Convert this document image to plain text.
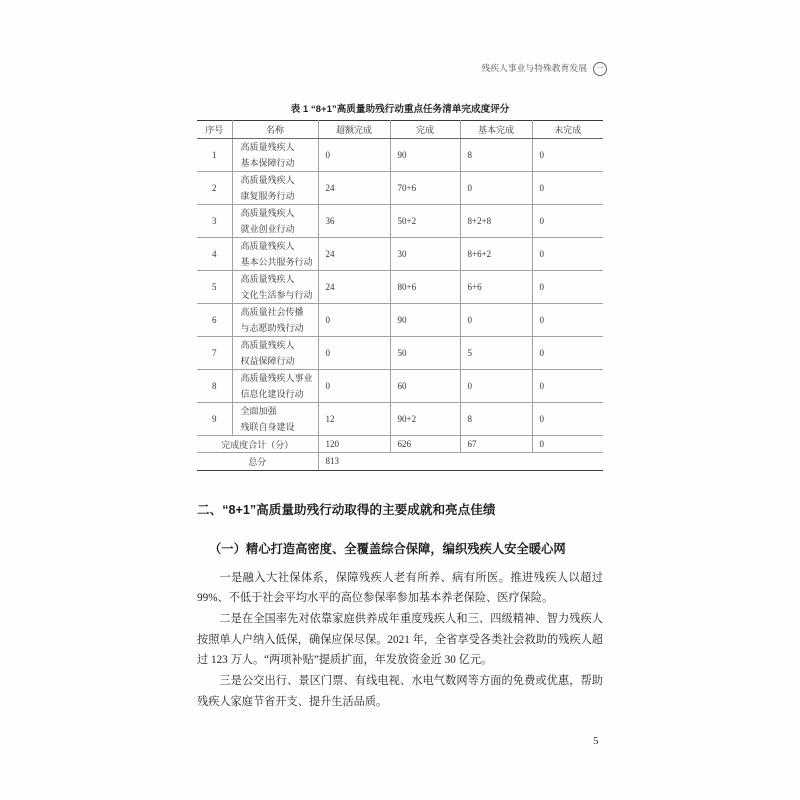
残疾人事业与特殊教育发展	一
表 1 “8+1”高质量助残行动重点任务清单完成度评分
序号	名称	超额完成	完成	基本完成	未完成
1	高质量残疾人
基本保障行动	0	90	8	0
2	高质量残疾人
康复服务行动	24	70+6	0	0
3	高质量残疾人
就业创业行动	36	50+2	8+2+8	0
4	高质量残疾人
基本公共服务行动	24	30	8+6+2	0
5	高质量残疾人
文化生活参与行动	24	80+6	6+6	0
6	高质量社会传播
与志愿助残行动	0	90	0	0
7	高质量残疾人
权益保障行动	0	50	5	0
8	高质量残疾人事业
信息化建设行动	0	60	0	0
9	全面加强
残联自身建设	12	90+2	8	0
完成度合计（分）		120	626	67	0
总分		813			
二、“8+1”高质量助残行动取得的主要成就和亮点佳绩
（一）精心打造高密度、全覆盖综合保障，编织残疾人安全暖心网
一是融入大社保体系，保障残疾人老有所养、病有所医。推进残疾人以超过
99%、不低于社会平均水平的高位参保率参加基本养老保险、医疗保险。
二是在全国率先对依靠家庭供养成年重度残疾人和三、四级精神、智力残疾人
按照单人户纳入低保，确保应保尽保。2021 年，全省享受各类社会救助的残疾人超
过 123 万人。“两项补贴”提质扩面，年发放资金近 30 亿元。
三是公交出行、景区门票、有线电视、水电气数网等方面的免费或优惠，帮助
残疾人家庭节省开支、提升生活品质。
5
